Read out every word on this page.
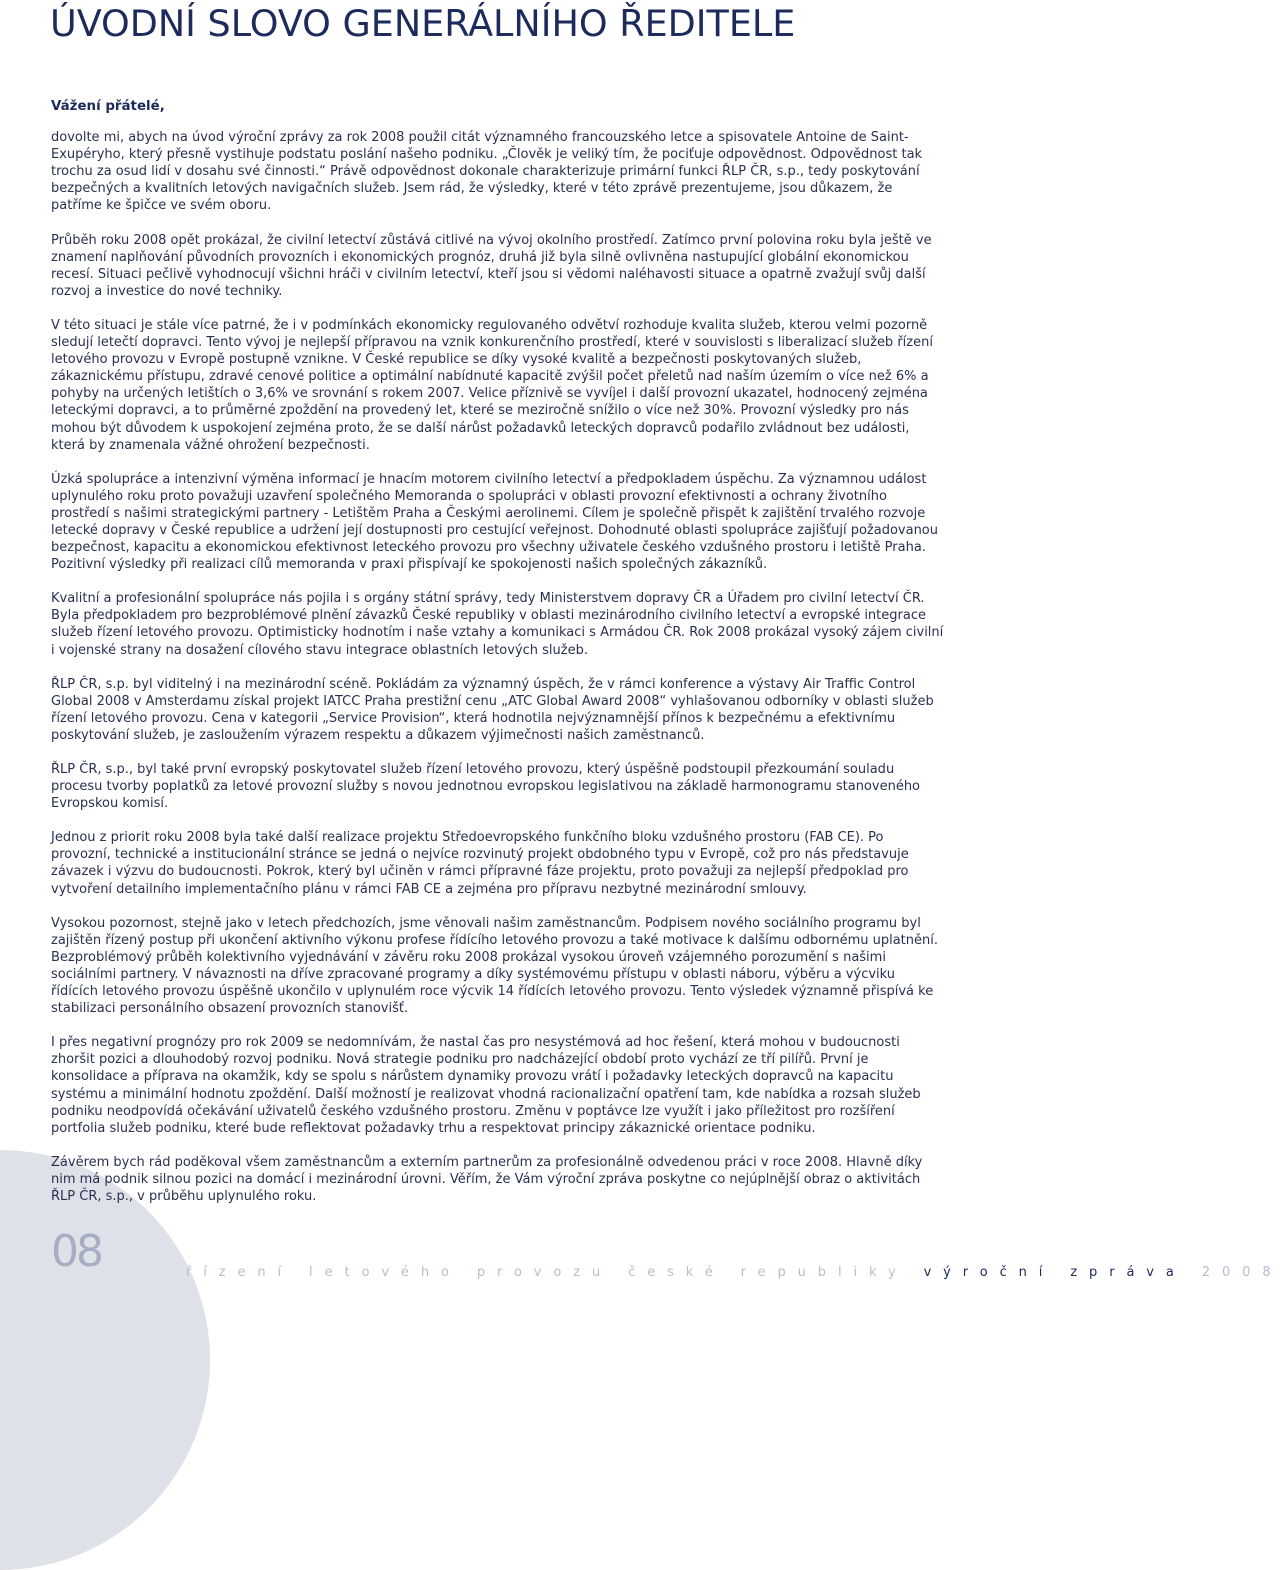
ÚVODNÍ SLOVO GENERÁLNÍHO ŘEDITELE

Vážení přátelé,

dovolte mi, abych na úvod výroční zprávy za rok 2008 použil citát významného francouzského letce a spisovatele Antoine de Saint-Exupéryho, který přesně vystihuje podstatu poslání našeho podniku. „Člověk je veliký tím, že pociťuje odpovědnost. Odpovědnost tak trochu za osud lidí v dosahu své činnosti.“ Právě odpovědnost dokonale charakterizuje primární funkci ŘLP ČR, s.p., tedy poskytování bezpečných a kvalitních letových navigačních služeb. Jsem rád, že výsledky, které v této zprávě prezentujeme, jsou důkazem, že patříme ke špičce ve svém oboru.

Průběh roku 2008 opět prokázal, že civilní letectví zůstává citlivé na vývoj okolního prostředí. Zatímco první polovina roku byla ještě ve znamení naplňování původních provozních i ekonomických prognóz, druhá již byla silně ovlivněna nastupující globální ekonomickou recesí. Situaci pečlivě vyhodnocují všichni hráči v civilním letectví, kteří jsou si vědomi naléhavosti situace a opatrně zvažují svůj další rozvoj a investice do nové techniky.

V této situaci je stále více patrné, že i v podmínkách ekonomicky regulovaného odvětví rozhoduje kvalita služeb, kterou velmi pozorně sledují letečtí dopravci. Tento vývoj je nejlepší přípravou na vznik konkurenčního prostředí, které v souvislosti s liberalizací služeb řízení letového provozu v Evropě postupně vznikne. V České republice se díky vysoké kvalitě a bezpečnosti poskytovaných služeb, zákaznickému přístupu, zdravé cenové politice a optimální nabídnuté kapacitě zvýšil počet přeletů nad naším územím o více než 6% a pohyby na určených letištích o 3,6% ve srovnání s rokem 2007. Velice příznivě se vyvíjel i další provozní ukazatel, hodnocený zejména leteckými dopravci, a to průměrné zpoždění na provedený let, které se meziročně snížilo o více než 30%. Provozní výsledky pro nás mohou být důvodem k uspokojení zejména proto, že se další nárůst požadavků leteckých dopravců podařilo zvládnout bez události, která by znamenala vážné ohrožení bezpečnosti.

Úzká spolupráce a intenzivní výměna informací je hnacím motorem civilního letectví a předpokladem úspěchu. Za významnou událost uplynulého roku proto považuji uzavření společného Memoranda o spolupráci v oblasti provozní efektivnosti a ochrany životního prostředí s našimi strategickými partnery - Letištěm Praha a Českými aerolinemi. Cílem je společně přispět k zajištění trvalého rozvoje letecké dopravy v České republice a udržení její dostupnosti pro cestující veřejnost. Dohodnuté oblasti spolupráce zajišťují požadovanou bezpečnost, kapacitu a ekonomickou efektivnost leteckého provozu pro všechny uživatele českého vzdušného prostoru i letiště Praha. Pozitivní výsledky při realizaci cílů memoranda v praxi přispívají ke spokojenosti našich společných zákazníků.

Kvalitní a profesionální spolupráce nás pojila i s orgány státní správy, tedy Ministerstvem dopravy ČR a Úřadem pro civilní letectví ČR.
Byla předpokladem pro bezproblémové plnění závazků České republiky v oblasti mezinárodního civilního letectví a evropské integrace služeb řízení letového provozu. Optimisticky hodnotím i naše vztahy a komunikaci s Armádou ČR. Rok 2008 prokázal vysoký zájem civilní i vojenské strany na dosažení cílového stavu integrace oblastních letových služeb.

ŘLP ČR, s.p. byl viditelný i na mezinárodní scéně. Pokládám za významný úspěch, že v rámci konference a výstavy Air Traffic Control Global 2008 v Amsterdamu získal projekt IATCC Praha prestižní cenu „ATC Global Award 2008“ vyhlašovanou odborníky v oblasti služeb řízení letového provozu. Cena v kategorii „Service Provision“, která hodnotila nejvýznamnější přínos k bezpečnému a efektivnímu poskytování služeb, je zasloužením výrazem respektu a důkazem výjimečnosti našich zaměstnanců.

ŘLP ČR, s.p., byl také první evropský poskytovatel služeb řízení letového provozu, který úspěšně podstoupil přezkoumání souladu procesu tvorby poplatků za letové provozní služby s novou jednotnou evropskou legislativou na základě harmonogramu stanoveného Evropskou komisí.

Jednou z priorit roku 2008 byla také další realizace projektu Středoevropského funkčního bloku vzdušného prostoru (FAB CE). Po provozní, technické a institucionální stránce se jedná o nejvíce rozvinutý projekt obdobného typu v Evropě, což pro nás představuje závazek i výzvu do budoucnosti. Pokrok, který byl učiněn v rámci přípravné fáze projektu, proto považuji za nejlepší předpoklad pro vytvoření detailního implementačního plánu v rámci FAB CE a zejména pro přípravu nezbytné mezinárodní smlouvy.

Vysokou pozornost, stejně jako v letech předchozích, jsme věnovali našim zaměstnancům. Podpisem nového sociálního programu byl zajištěn řízený postup při ukončení aktivního výkonu profese řídícího letového provozu a také motivace k dalšímu odbornému uplatnění. Bezproblémový průběh kolektivního vyjednávání v závěru roku 2008 prokázal vysokou úroveň vzájemného porozumění s našimi sociálními partnery. V návaznosti na dříve zpracované programy a díky systémovému přístupu v oblasti náboru, výběru a výcviku řídících letového provozu úspěšně ukončilo v uplynulém roce výcvik 14 řídících letového provozu. Tento výsledek významně přispívá ke stabilizaci personálního obsazení provozních stanovišť.

I přes negativní prognózy pro rok 2009 se nedomnívám, že nastal čas pro nesystémová ad hoc řešení, která mohou v budoucnosti zhoršit pozici a dlouhodobý rozvoj podniku. Nová strategie podniku pro nadcházející období proto vychází ze tří pilířů. První je konsolidace a příprava na okamžik, kdy se spolu s nárůstem dynamiky provozu vrátí i požadavky leteckých dopravců na kapacitu systému a minimální hodnotu zpoždění. Další možností je realizovat vhodná racionalizační opatření tam, kde nabídka a rozsah služeb podniku neodpovídá očekávání uživatelů českého vzdušného prostoru. Změnu v poptávce lze využít i jako příležitost pro rozšíření portfolia služeb podniku, které bude reflektovat požadavky trhu a respektovat principy zákaznické orientace podniku.

Závěrem bych rád poděkoval všem zaměstnancům a externím partnerům za profesionálně odvedenou práci v roce 2008. Hlavně díky nim má podnik silnou pozici na domácí i mezinárodní úrovni. Věřím, že Vám výroční zpráva poskytne co nejúplnější obraz o aktivitách ŘLP ČR, s.p., v průběhu uplynulého roku.

08	řízení letového provozu české republiky výroční zpráva 2008
